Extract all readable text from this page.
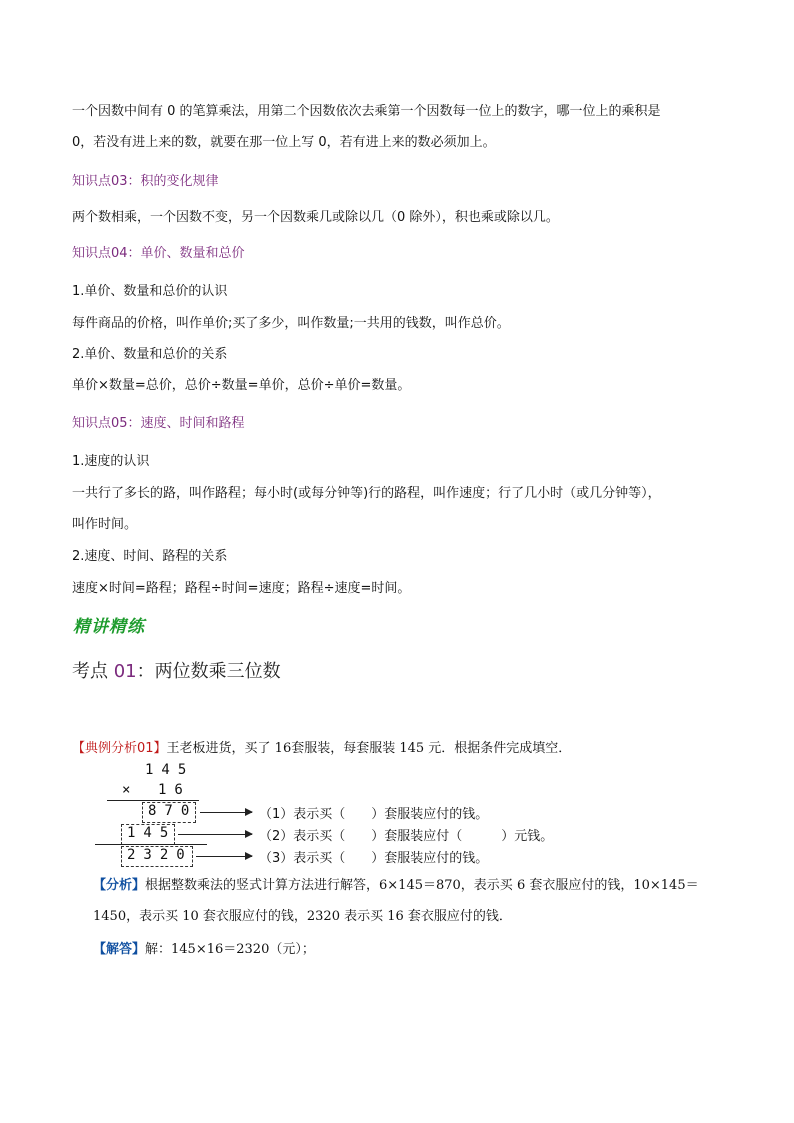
一个因数中间有 0 的笔算乘法，用第二个因数依次去乘第一个因数每一位上的数字，哪一位上的乘积是
0，若没有进上来的数，就要在那一位上写 0，若有进上来的数必须加上。
知识点03：积的变化规律
两个数相乘，一个因数不变，另一个因数乘几或除以几（0 除外），积也乘或除以几。
知识点04：单价、数量和总价
1.单价、数量和总价的认识
每件商品的价格，叫作单价;买了多少，叫作数量;一共用的钱数，叫作总价。
2.单价、数量和总价的关系
单价×数量=总价，总价÷数量=单价，总价÷单价=数量。
知识点05：速度、时间和路程
1.速度的认识
一共行了多长的路，叫作路程；每小时(或每分钟等)行的路程，叫作速度；行了几小时（或几分钟等），
叫作时间。
2.速度、时间、路程的关系
速度×时间=路程；路程÷时间=速度；路程÷速度=时间。
精讲精练
考点 01：两位数乘三位数
【典例分析01】王老板进货，买了 16套服装，每套服装 145 元．根据条件完成填空．
145
× 16
870
145
2320
（1）表示买（　　）套服装应付的钱。
（2）表示买（　　）套服装应付（　　　）元钱。
（3）表示买（　　）套服装应付的钱。
【分析】根据整数乘法的竖式计算方法进行解答，6×145＝870，表示买 6 套衣服应付的钱，10×145＝
1450，表示买 10 套衣服应付的钱，2320 表示买 16 套衣服应付的钱．
【解答】解：145×16＝2320（元）；
